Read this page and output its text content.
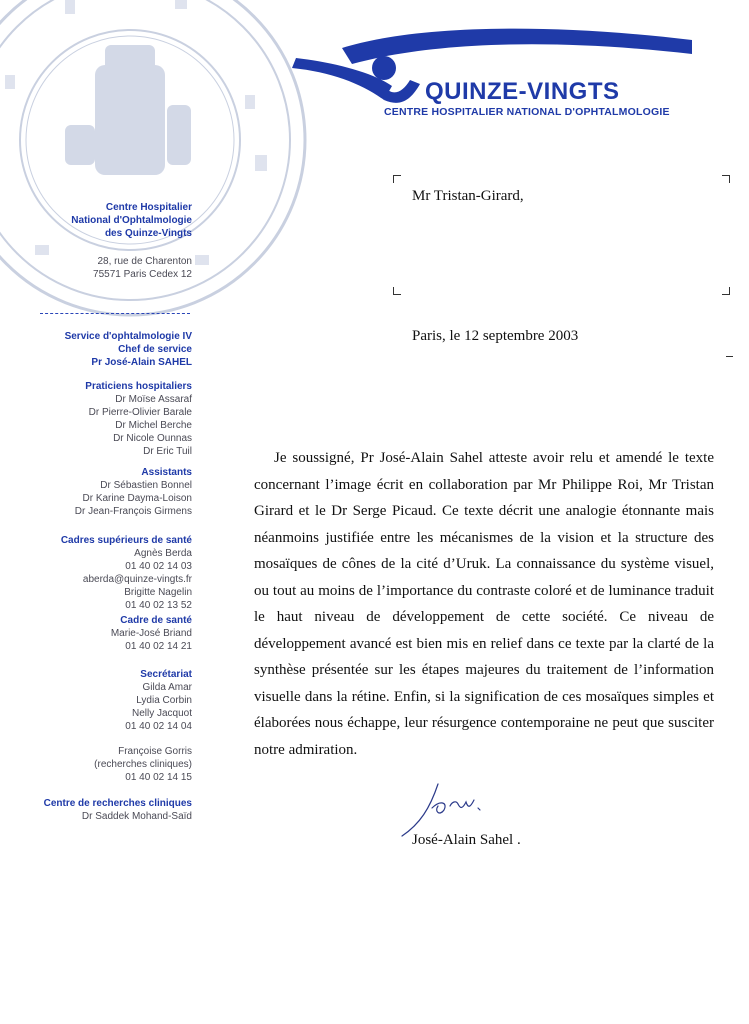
QUINZE-VINGTS
CENTRE HOSPITALIER NATIONAL D'OPHTALMOLOGIE
Centre Hospitalier
National d'Ophtalmologie
des Quinze-Vingts
28, rue de Charenton
75571 Paris Cedex 12
Service d'ophtalmologie IV
Chef de service
Pr José-Alain SAHEL
Praticiens hospitaliers
Dr Moïse Assaraf
Dr Pierre-Olivier Barale
Dr Michel Berche
Dr Nicole Ounnas
Dr Eric Tuil
Assistants
Dr Sébastien Bonnel
Dr Karine Dayma-Loison
Dr Jean-François Girmens
Cadres supérieurs de santé
Agnès Berda
01 40 02 14 03
aberda@quinze-vingts.fr
Brigitte Nagelin
01 40 02 13 52
Cadre de santé
Marie-José Briand
01 40 02 14 21
Secrétariat
Gilda Amar
Lydia Corbin
Nelly Jacquot
01 40 02 14 04
Françoise Gorris
(recherches cliniques)
01 40 02 14 15
Centre de recherches cliniques
Dr Saddek Mohand-Saïd
Mr Tristan-Girard,
Paris, le 12 septembre 2003
Je soussigné, Pr José-Alain Sahel atteste avoir relu et amendé le texte concernant l’image écrit en collaboration par Mr Philippe Roi, Mr Tristan Girard et le Dr Serge Picaud. Ce texte décrit une analogie étonnante mais néanmoins justifiée entre les mécanismes de la vision et la structure des mosaïques de cônes de la cité d’Uruk. La connaissance du système visuel, ou tout au moins de l’importance du contraste coloré et de luminance traduit le haut niveau de développement de cette société. Ce niveau de développement avancé est bien mis en relief dans ce texte par la clarté de la synthèse présentée sur les étapes majeures du traitement de l’information visuelle dans la rétine. Enfin, si la signification de ces mosaïques simples et élaborées nous échappe, leur résurgence contemporaine ne peut que susciter notre admiration.
José-Alain Sahel .
